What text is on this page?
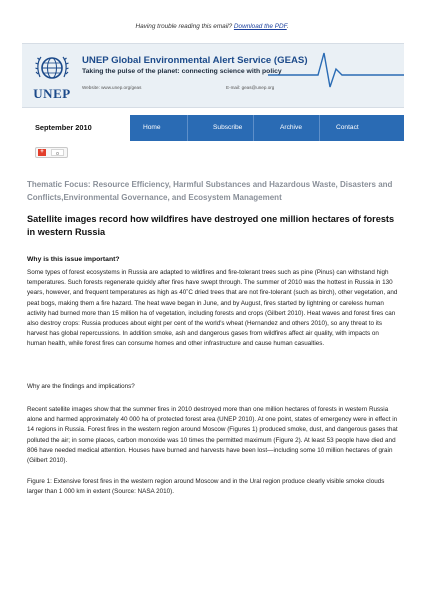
Having trouble reading this email? Download the PDF.
UNEP
UNEP Global Environmental Alert Service (GEAS)
Taking the pulse of the planet: connecting science with policy
Website: www.unep.org/geas	E-mail: geas@unep.org
September 2010	Home	Subscribe	Archive	Contact
+	0
Thematic Focus: Resource Efficiency, Harmful Substances and Hazardous Waste, Disasters and Conflicts,Environmental Governance, and Ecosystem Management
Satellite images record how wildfires have destroyed one million hectares of forests in western Russia
Why is this issue important?
Some types of forest ecosystems in Russia are adapted to wildfires and fire-tolerant trees such as pine (Pinus) can withstand high temperatures. Such forests regenerate quickly after fires have swept through. The summer of 2010 was the hottest in Russia in 130 years, however, and frequent temperatures as high as 40˚C dried trees that are not fire-tolerant (such as birch), other vegetation, and peat bogs, making them a fire hazard. The heat wave began in June, and by August, fires started by lightning or careless human activity had burned more than 15 million ha of vegetation, including forests and crops (Gilbert 2010). Heat waves and forest fires can also destroy crops: Russia produces about eight per cent of the world's wheat (Hernandez and others 2010), so any threat to its harvest has global repercussions. In addition smoke, ash and dangerous gases from wildfires affect air quality, with impacts on human health, while forest fires can consume homes and other infrastructure and cause human casualties.
Why are the findings and implications?
Recent satellite images show that the summer fires in 2010 destroyed more than one million hectares of forests in western Russia alone and harmed approximately 40 000 ha of protected forest area (UNEP 2010). At one point, states of emergency were in effect in 14 regions in Russia. Forest fires in the western region around Moscow (Figures 1) produced smoke, dust, and dangerous gases that polluted the air; in some places, carbon monoxide was 10 times the permitted maximum (Figure 2). At least 53 people have died and 806 have needed medical attention. Houses have burned and harvests have been lost—including some 10 million hectares of grain (Gilbert 2010).
Figure 1: Extensive forest fires in the western region around Moscow and in the Ural region produce clearly visible smoke clouds larger than 1 000 km in extent (Source: NASA 2010).
